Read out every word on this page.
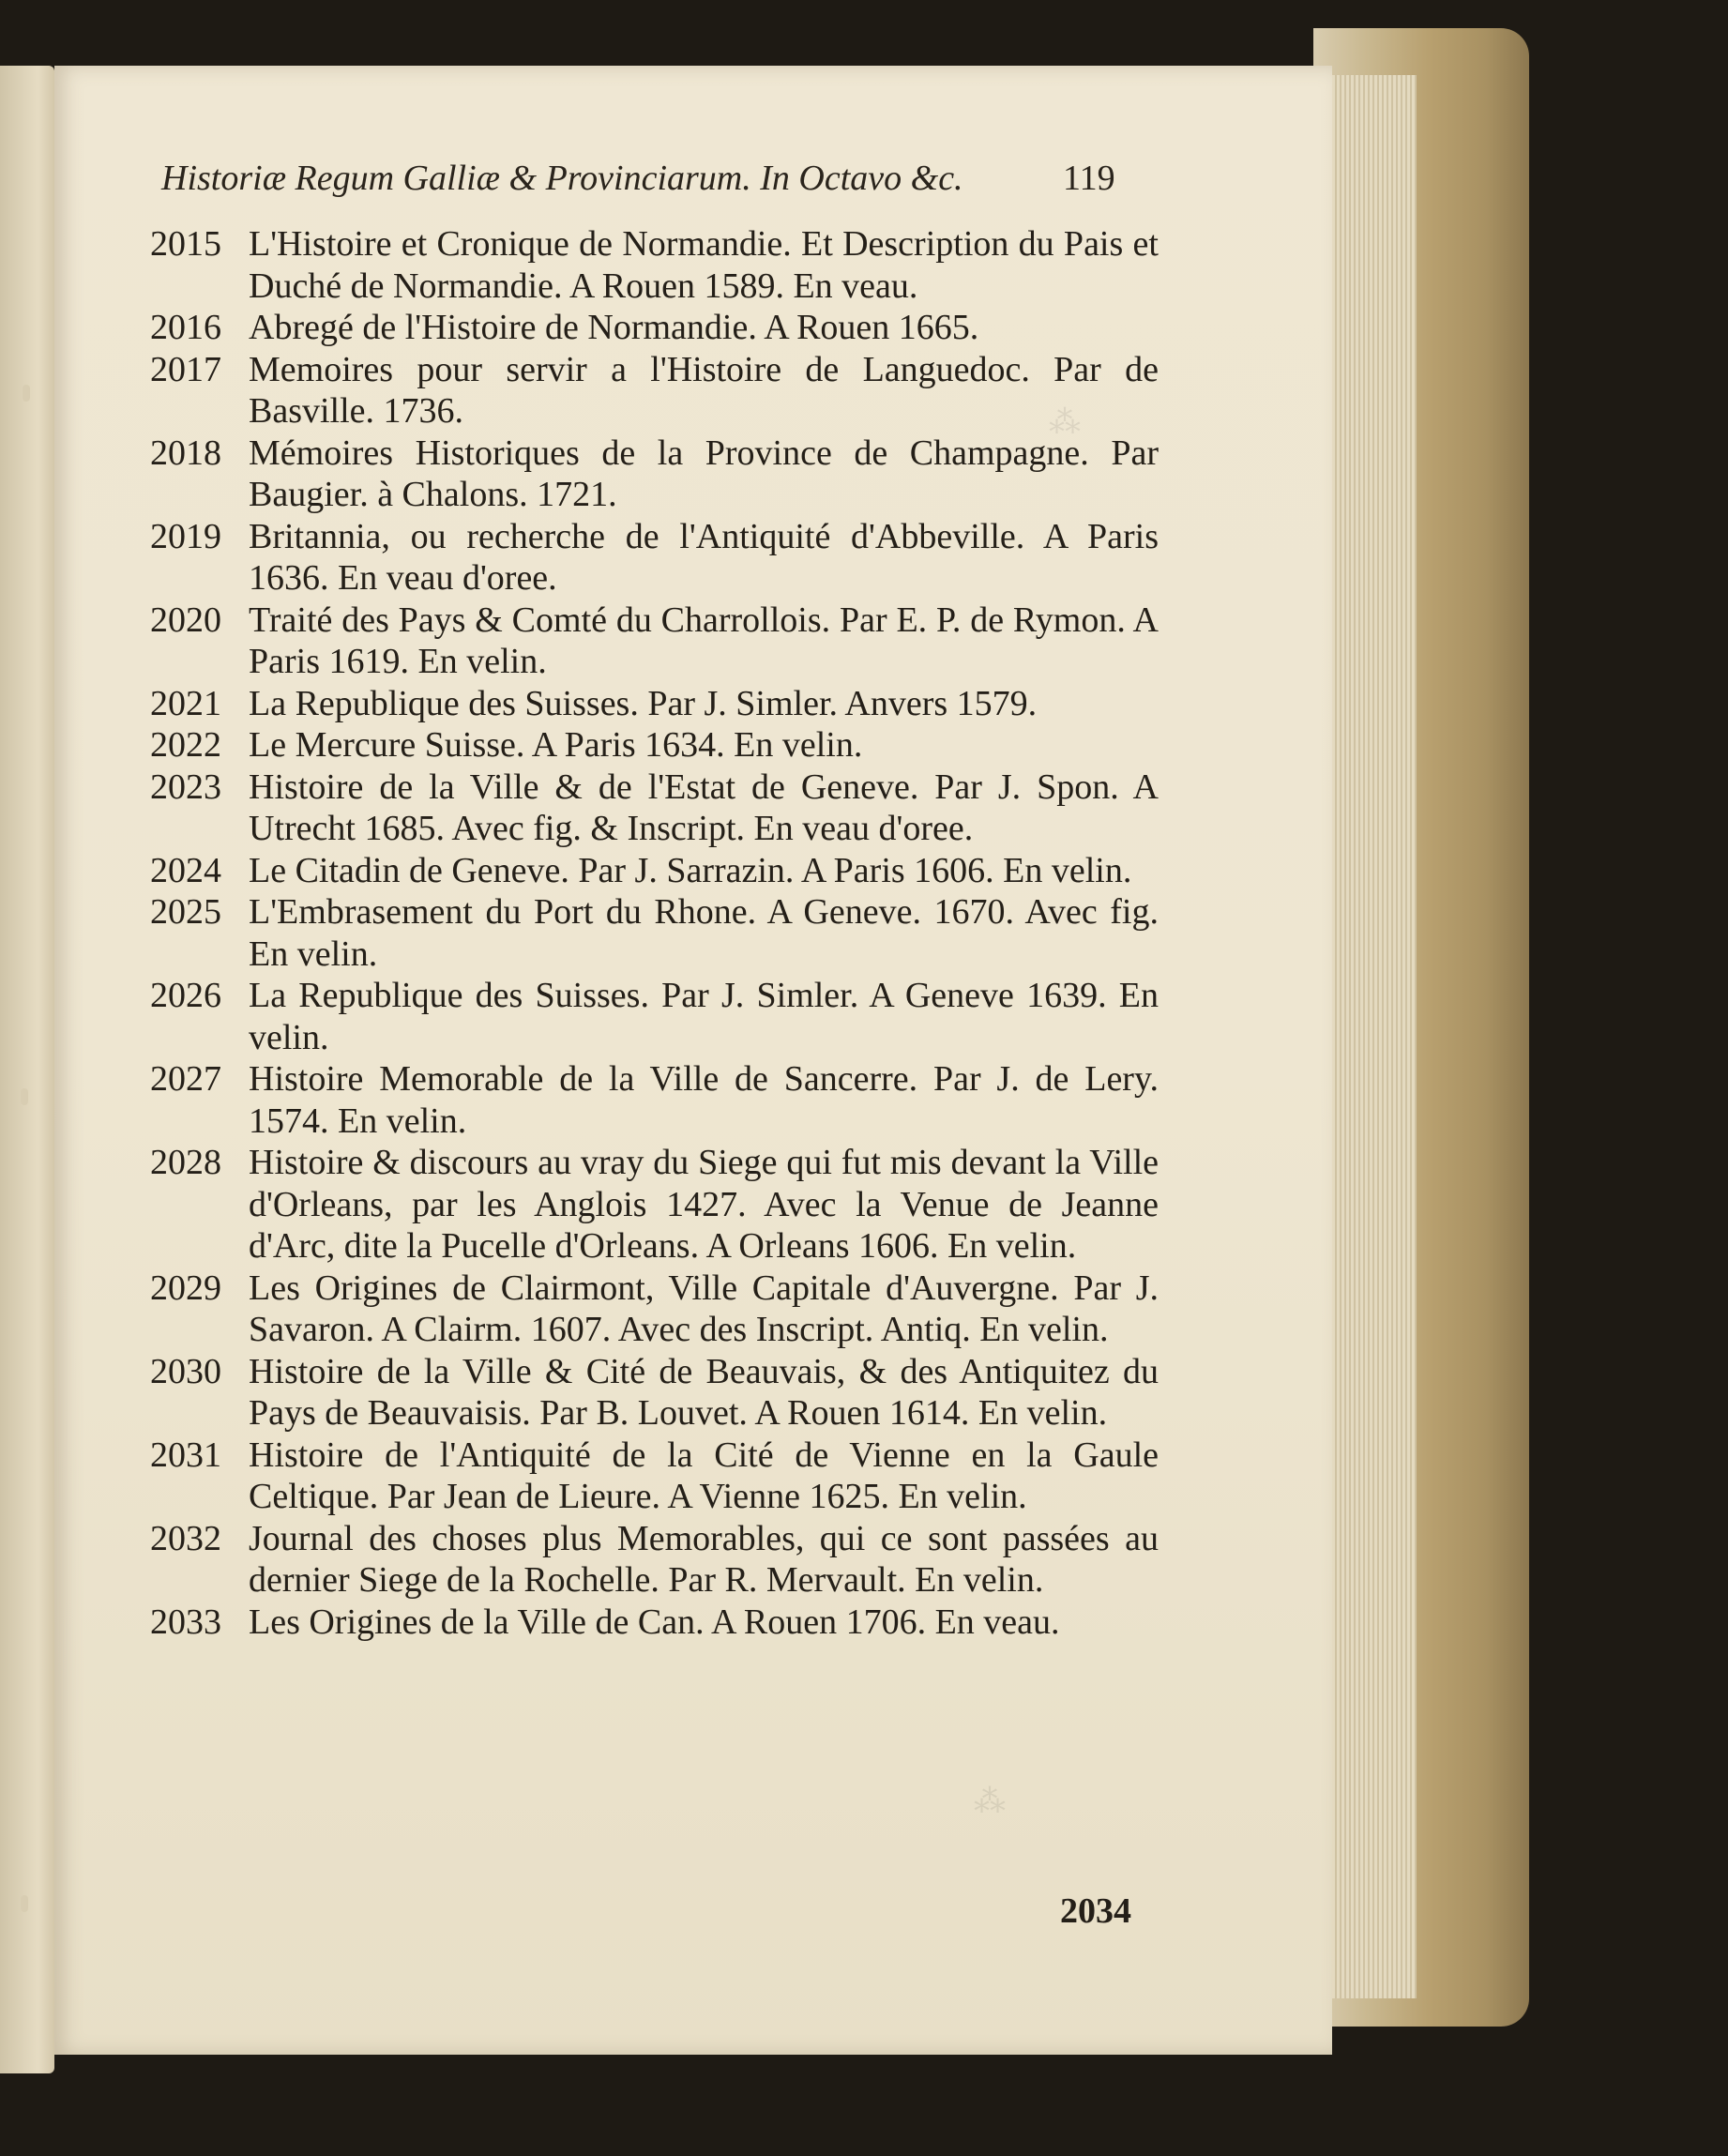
⁂
⁂
Historiæ Regum Galliæ & Provinciarum. In Octavo &c.	119
2015 L'Histoire et Cronique de Normandie. Et Description du Pais et Duché de Normandie. A Rouen 1589. En veau.
2016 Abregé de l'Histoire de Normandie. A Rouen 1665.
2017 Memoires pour servir a l'Histoire de Languedoc. Par de Basville. 1736.
2018 Mémoires Historiques de la Province de Champagne. Par Baugier. à Chalons. 1721.
2019 Britannia, ou recherche de l'Antiquité d'Abbeville. A Paris 1636. En veau d'oree.
2020 Traité des Pays & Comté du Charrollois. Par E. P. de Rymon. A Paris 1619. En velin.
2021 La Republique des Suisses. Par J. Simler. Anvers 1579.
2022 Le Mercure Suisse. A Paris 1634. En velin.
2023 Histoire de la Ville & de l'Estat de Geneve. Par J. Spon. A Utrecht 1685. Avec fig. & Inscript. En veau d'oree.
2024 Le Citadin de Geneve. Par J. Sarrazin. A Paris 1606. En velin.
2025 L'Embrasement du Port du Rhone. A Geneve. 1670. Avec fig. En velin.
2026 La Republique des Suisses. Par J. Simler. A Geneve 1639. En velin.
2027 Histoire Memorable de la Ville de Sancerre. Par J. de Lery. 1574. En velin.
2028 Histoire & discours au vray du Siege qui fut mis devant la Ville d'Orleans, par les Anglois 1427. Avec la Venue de Jeanne d'Arc, dite la Pucelle d'Orleans. A Orleans 1606. En velin.
2029 Les Origines de Clairmont, Ville Capitale d'Auvergne. Par J. Savaron. A Clairm. 1607. Avec des Inscript. Antiq. En velin.
2030 Histoire de la Ville & Cité de Beauvais, & des Antiquitez du Pays de Beauvaisis. Par B. Louvet. A Rouen 1614. En velin.
2031 Histoire de l'Antiquité de la Cité de Vienne en la Gaule Celtique. Par Jean de Lieure. A Vienne 1625. En velin.
2032 Journal des choses plus Memorables, qui ce sont passées au dernier Siege de la Rochelle. Par R. Mervault. En velin.
2033 Les Origines de la Ville de Can. A Rouen 1706. En veau.
2034
